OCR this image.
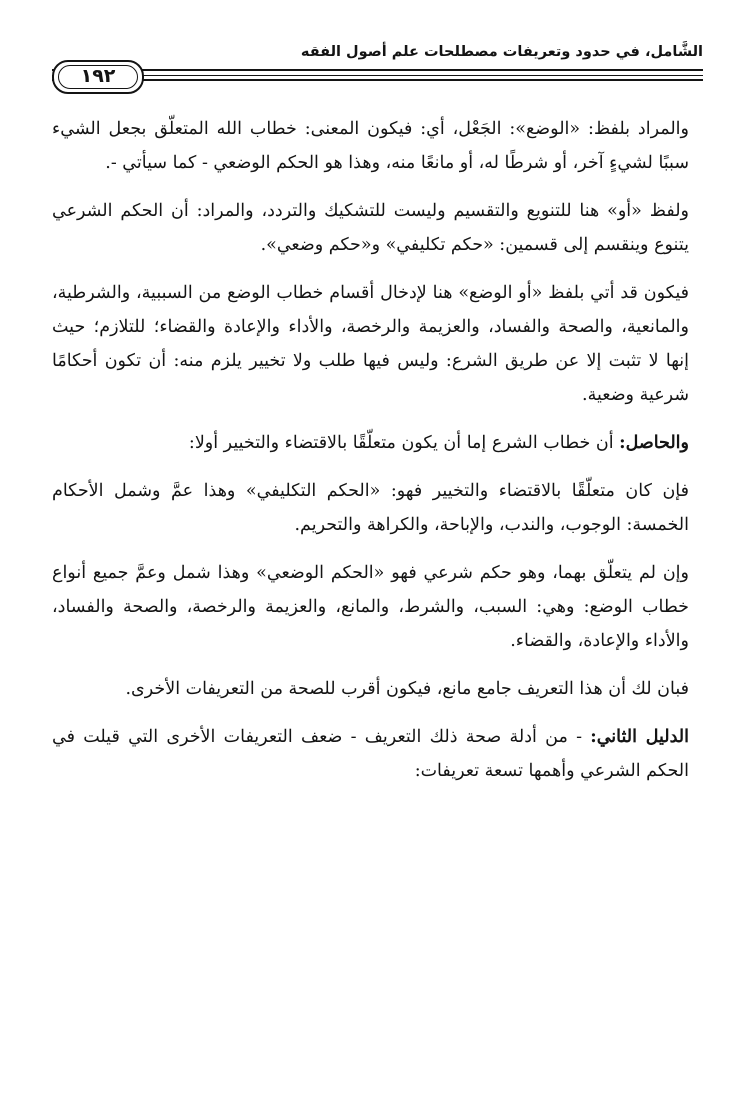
الشَّامل، في حدود وتعريفات مصطلحات علم أصول الفقه
١٩٢

والمراد بلفظ: «الوضع»: الجَعْل، أي: فيكون المعنى: خطاب الله المتعلّق بجعل الشيء سببًا لشيءٍ آخر، أو شرطًا له، أو مانعًا منه، وهذا هو الحكم الوضعي - كما سيأتي -.

ولفظ «أو» هنا للتنويع والتقسيم وليست للتشكيك والتردد، والمراد: أن الحكم الشرعي يتنوع وينقسم إلى قسمين: «حكم تكليفي» و«حكم وضعي».

فيكون قد أتي بلفظ «أو الوضع» هنا لإدخال أقسام خطاب الوضع من السببية، والشرطية، والمانعية، والصحة والفساد، والعزيمة والرخصة، والأداء والإعادة والقضاء؛ للتلازم؛ حيث إنها لا تثبت إلا عن طريق الشرع: وليس فيها طلب ولا تخيير يلزم منه: أن تكون أحكامًا شرعية وضعية.

والحاصل: أن خطاب الشرع إما أن يكون متعلّقًا بالاقتضاء والتخيير أولا:

فإن كان متعلّقًا بالاقتضاء والتخيير فهو: «الحكم التكليفي» وهذا عمَّ وشمل الأحكام الخمسة: الوجوب، والندب، والإباحة، والكراهة والتحريم.

وإن لم يتعلّق بهما، وهو حكم شرعي فهو «الحكم الوضعي» وهذا شمل وعمَّ جميع أنواع خطاب الوضع: وهي: السبب، والشرط، والمانع، والعزيمة والرخصة، والصحة والفساد، والأداء والإعادة، والقضاء.

فبان لك أن هذا التعريف جامع مانع، فيكون أقرب للصحة من التعريفات الأخرى.

الدليل الثاني: - من أدلة صحة ذلك التعريف - ضعف التعريفات الأخرى التي قيلت في الحكم الشرعي وأهمها تسعة تعريفات:
